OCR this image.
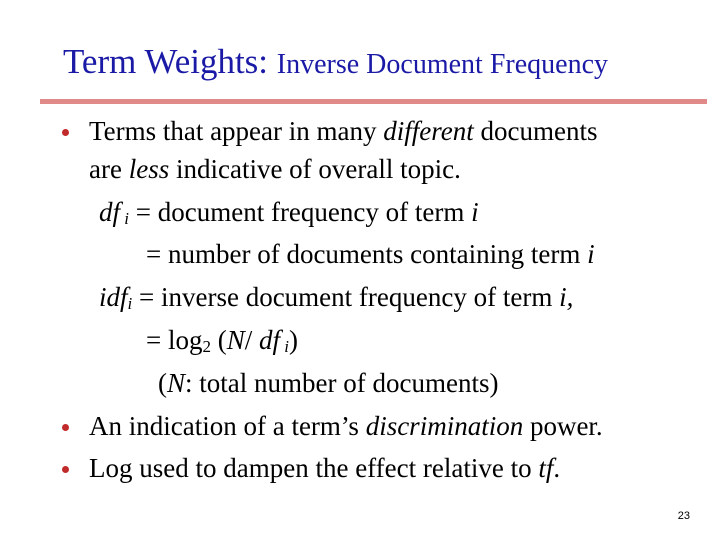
Term Weights: Inverse Document Frequency
Terms that appear in many different documents
are less indicative of overall topic.
df i = document frequency of term i
= number of documents containing term i
idfi = inverse document frequency of term i,
= log2 (N/ df i)
(N: total number of documents)
An indication of a term’s discrimination power.
Log used to dampen the effect relative to tf.
23
